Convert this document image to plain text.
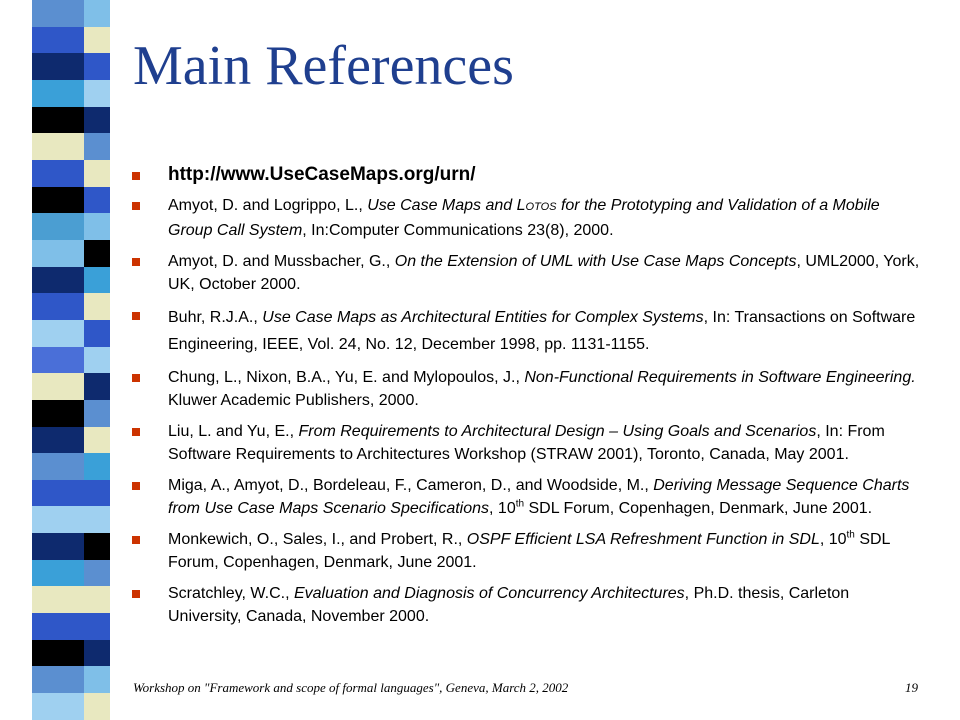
Main References
http://www.UseCaseMaps.org/urn/
Amyot, D. and Logrippo, L., Use Case Maps and LOTOS for the Prototyping and Validation of a Mobile Group Call System, In:Computer Communications 23(8), 2000.
Amyot, D. and Mussbacher, G., On the Extension of UML with Use Case Maps Concepts, UML2000, York, UK, October 2000.
Buhr, R.J.A., Use Case Maps as Architectural Entities for Complex Systems, In: Transactions on Software Engineering, IEEE, Vol. 24, No. 12, December 1998, pp. 1131-1155.
Chung, L., Nixon, B.A., Yu, E. and Mylopoulos, J., Non-Functional Requirements in Software Engineering. Kluwer Academic Publishers, 2000.
Liu, L. and Yu, E., From Requirements to Architectural Design – Using Goals and Scenarios, In: From Software Requirements to Architectures Workshop (STRAW 2001), Toronto, Canada, May 2001.
Miga, A., Amyot, D., Bordeleau, F., Cameron, D., and Woodside, M., Deriving Message Sequence Charts from Use Case Maps Scenario Specifications, 10th SDL Forum, Copenhagen, Denmark, June 2001.
Monkewich, O., Sales, I., and Probert, R., OSPF Efficient LSA Refreshment Function in SDL, 10th SDL Forum, Copenhagen, Denmark, June 2001.
Scratchley, W.C., Evaluation and Diagnosis of Concurrency Architectures, Ph.D. thesis, Carleton University, Canada, November 2000.
Workshop on "Framework and scope of formal languages", Geneva, March 2, 2002	19
